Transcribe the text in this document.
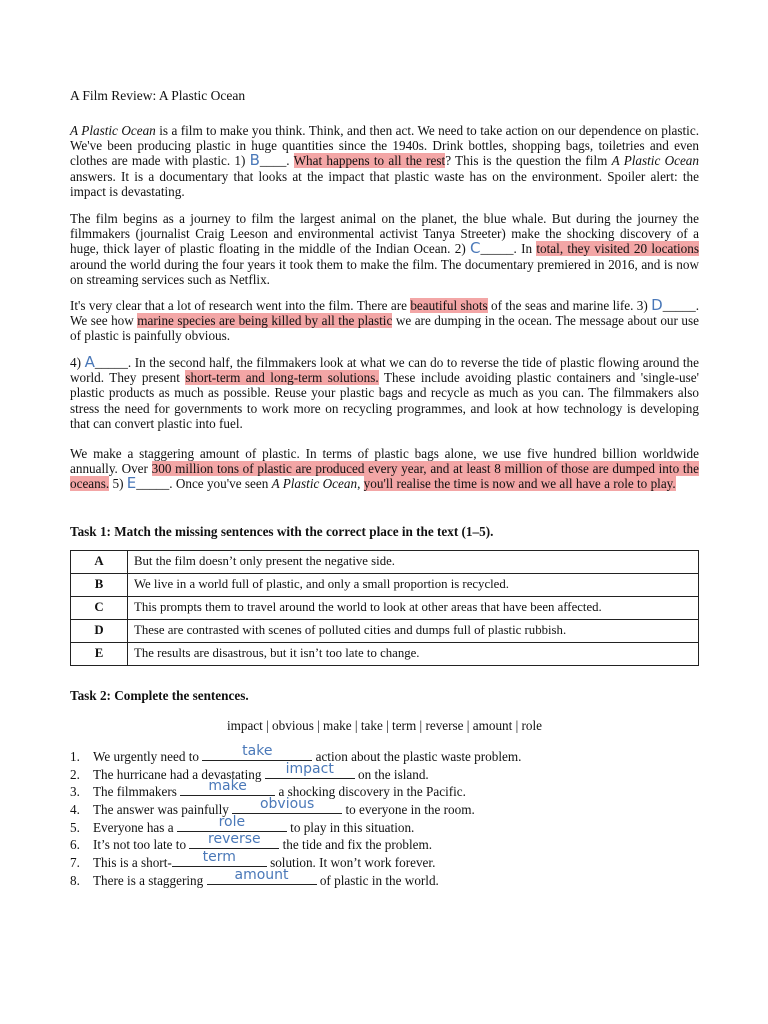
A Film Review: A Plastic Ocean
A Plastic Ocean is a film to make you think. Think, and then act. We need to take action on our dependence on plastic. We've been producing plastic in huge quantities since the 1940s. Drink bottles, shopping bags, toiletries and even clothes are made with plastic. 1) B____. What happens to all the rest? This is the question the film A Plastic Ocean answers. It is a documentary that looks at the impact that plastic waste has on the environment. Spoiler alert: the impact is devastating.
The film begins as a journey to film the largest animal on the planet, the blue whale. But during the journey the filmmakers (journalist Craig Leeson and environmental activist Tanya Streeter) make the shocking discovery of a huge, thick layer of plastic floating in the middle of the Indian Ocean. 2) C_____. In total, they visited 20 locations around the world during the four years it took them to make the film. The documentary premiered in 2016, and is now on streaming services such as Netflix.
It's very clear that a lot of research went into the film. There are beautiful shots of the seas and marine life. 3) D_____. We see how marine species are being killed by all the plastic we are dumping in the ocean. The message about our use of plastic is painfully obvious.
4) A_____. In the second half, the filmmakers look at what we can do to reverse the tide of plastic flowing around the world. They present short-term and long-term solutions. These include avoiding plastic containers and 'single-use' plastic products as much as possible. Reuse your plastic bags and recycle as much as you can. The filmmakers also stress the need for governments to work more on recycling programmes, and look at how technology is developing that can convert plastic into fuel.
We make a staggering amount of plastic. In terms of plastic bags alone, we use five hundred billion worldwide annually. Over 300 million tons of plastic are produced every year, and at least 8 million of those are dumped into the oceans. 5) E_____. Once you've seen A Plastic Ocean, you'll realise the time is now and we all have a role to play.
Task 1: Match the missing sentences with the correct place in the text (1–5).
A	But the film doesn’t only present the negative side.
B	We live in a world full of plastic, and only a small proportion is recycled.
C	This prompts them to travel around the world to look at other areas that have been affected.
D	These are contrasted with scenes of polluted cities and dumps full of plastic rubbish.
E	The results are disastrous, but it isn’t too late to change.
Task 2: Complete the sentences.
impact | obvious | make | take | term | reverse | amount | role
1. We urgently need to	take	action about the plastic waste problem.
2. The hurricane had a devastating	impact	on the island.
3. The filmmakers	make	a shocking discovery in the Pacific.
4. The answer was painfully	obvious	to everyone in the room.
5. Everyone has a	role	to play in this situation.
6. It’s not too late to	reverse	the tide and fix the problem.
7. This is a short-	term	solution. It won’t work forever.
8. There is a staggering	amount	of plastic in the world.
